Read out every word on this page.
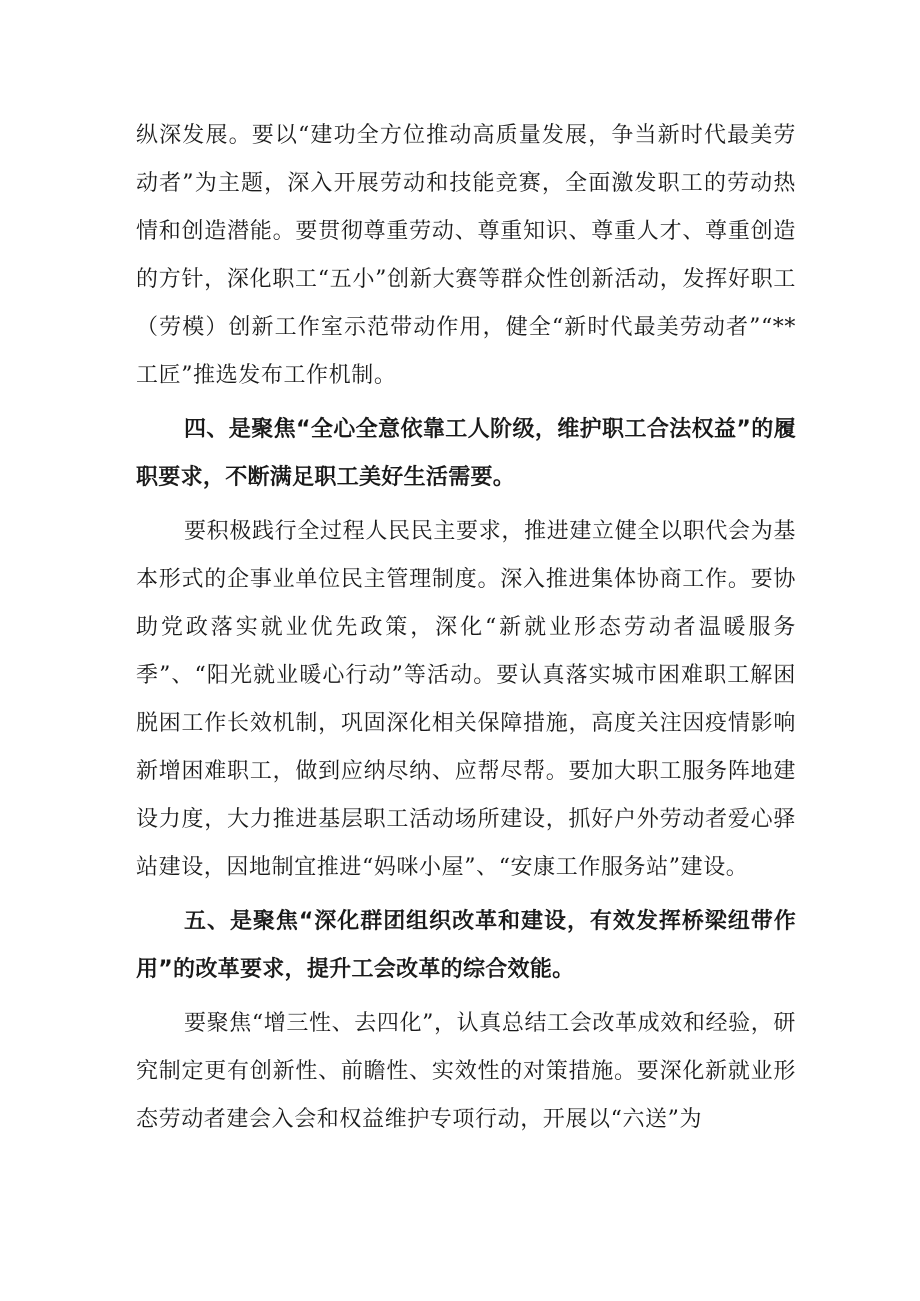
纵深发展。要以“建功全方位推动高质量发展，争当新时代最美劳动者”为主题，深入开展劳动和技能竞赛，全面激发职工的劳动热情和创造潜能。要贯彻尊重劳动、尊重知识、尊重人才、尊重创造的方针，深化职工“五小”创新大赛等群众性创新活动，发挥好职工（劳模）创新工作室示范带动作用，健全“新时代最美劳动者”“**工匠”推选发布工作机制。

四、是聚焦“全心全意依靠工人阶级，维护职工合法权益”的履职要求，不断满足职工美好生活需要。

要积极践行全过程人民民主要求，推进建立健全以职代会为基本形式的企事业单位民主管理制度。深入推进集体协商工作。要协助党政落实就业优先政策，深化“新就业形态劳动者温暖服务季”、“阳光就业暖心行动”等活动。要认真落实城市困难职工解困脱困工作长效机制，巩固深化相关保障措施，高度关注因疫情影响新增困难职工，做到应纳尽纳、应帮尽帮。要加大职工服务阵地建设力度，大力推进基层职工活动场所建设，抓好户外劳动者爱心驿站建设，因地制宜推进“妈咪小屋”、“安康工作服务站”建设。

五、是聚焦“深化群团组织改革和建设，有效发挥桥梁纽带作用”的改革要求，提升工会改革的综合效能。

要聚焦“增三性、去四化”，认真总结工会改革成效和经验，研究制定更有创新性、前瞻性、实效性的对策措施。要深化新就业形态劳动者建会入会和权益维护专项行动，开展以“六送”为
